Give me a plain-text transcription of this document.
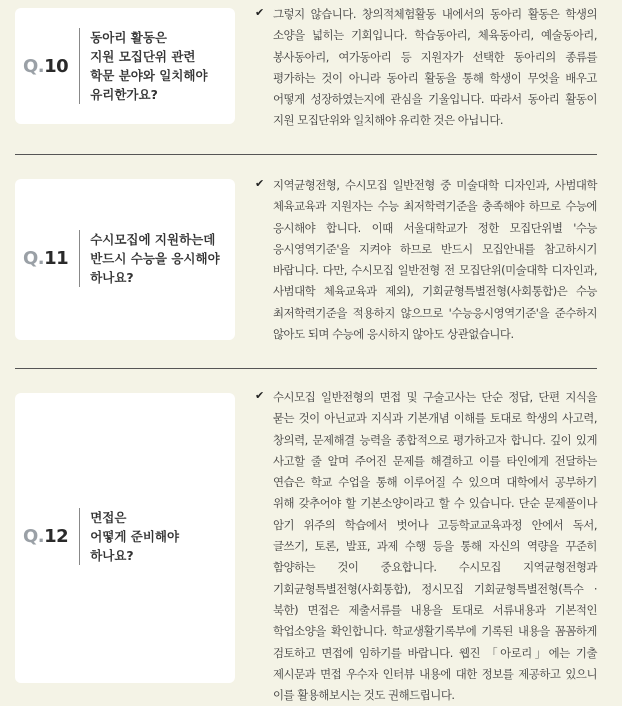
Q.10
동아리 활동은
지원 모집단위 관련
학문 분야와 일치해야
유리한가요?
✔ 그렇지 않습니다. 창의적체험활동 내에서의 동아리 활동은 학생의 소양을 넓히는 기회입니다. 학습동아리, 체육동아리, 예술동아리, 봉사동아리, 여가동아리 등 지원자가 선택한 동아리의 종류를 평가하는 것이 아니라 동아리 활동을 통해 학생이 무엇을 배우고 어떻게 성장하였는지에 관심을 기울입니다. 따라서 동아리 활동이 지원 모집단위와 일치해야 유리한 것은 아닙니다.
Q.11
수시모집에 지원하는데
반드시 수능을 응시해야
하나요?
✔ 지역균형전형, 수시모집 일반전형 중 미술대학 디자인과, 사범대학 체육교육과 지원자는 수능 최저학력기준을 충족해야 하므로 수능에 응시해야 합니다. 이때 서울대학교가 정한 모집단위별 '수능 응시영역기준'을 지켜야 하므로 반드시 모집안내를 참고하시기 바랍니다. 다만, 수시모집 일반전형 전 모집단위(미술대학 디자인과, 사범대학 체육교육과 제외), 기회균형특별전형(사회통합)은 수능 최저학력기준을 적용하지 않으므로 '수능응시영역기준'을 준수하지 않아도 되며 수능에 응시하지 않아도 상관없습니다.
Q.12
면접은
어떻게 준비해야
하나요?
✔ 수시모집 일반전형의 면접 및 구술고사는 단순 정답, 단편 지식을 묻는 것이 아닌교과 지식과 기본개념 이해를 토대로 학생의 사고력, 창의력, 문제해결 능력을 종합적으로 평가하고자 합니다. 깊이 있게 사고할 줄 알며 주어진 문제를 해결하고 이를 타인에게 전달하는 연습은 학교 수업을 통해 이루어질 수 있으며 대학에서 공부하기 위해 갖추어야 할 기본소양이라고 할 수 있습니다. 단순 문제풀이나 암기 위주의 학습에서 벗어나 고등학교교육과정 안에서 독서, 글쓰기, 토론, 발표, 과제 수행 등을 통해 자신의 역량을 꾸준히 함양하는 것이 중요합니다. 수시모집 지역균형전형과 기회균형특별전형(사회통합), 정시모집 기회균형특별전형(특수 · 북한) 면접은 제출서류를 내용을 토대로 서류내용과 기본적인 학업소양을 확인합니다. 학교생활기록부에 기록된 내용을 꼼꼼하게 검토하고 면접에 임하기를 바랍니다. 웹진 「아로리」에는 기출 제시문과 면접 우수자 인터뷰 내용에 대한 정보를 제공하고 있으니 이를 활용해보시는 것도 권해드립니다.
